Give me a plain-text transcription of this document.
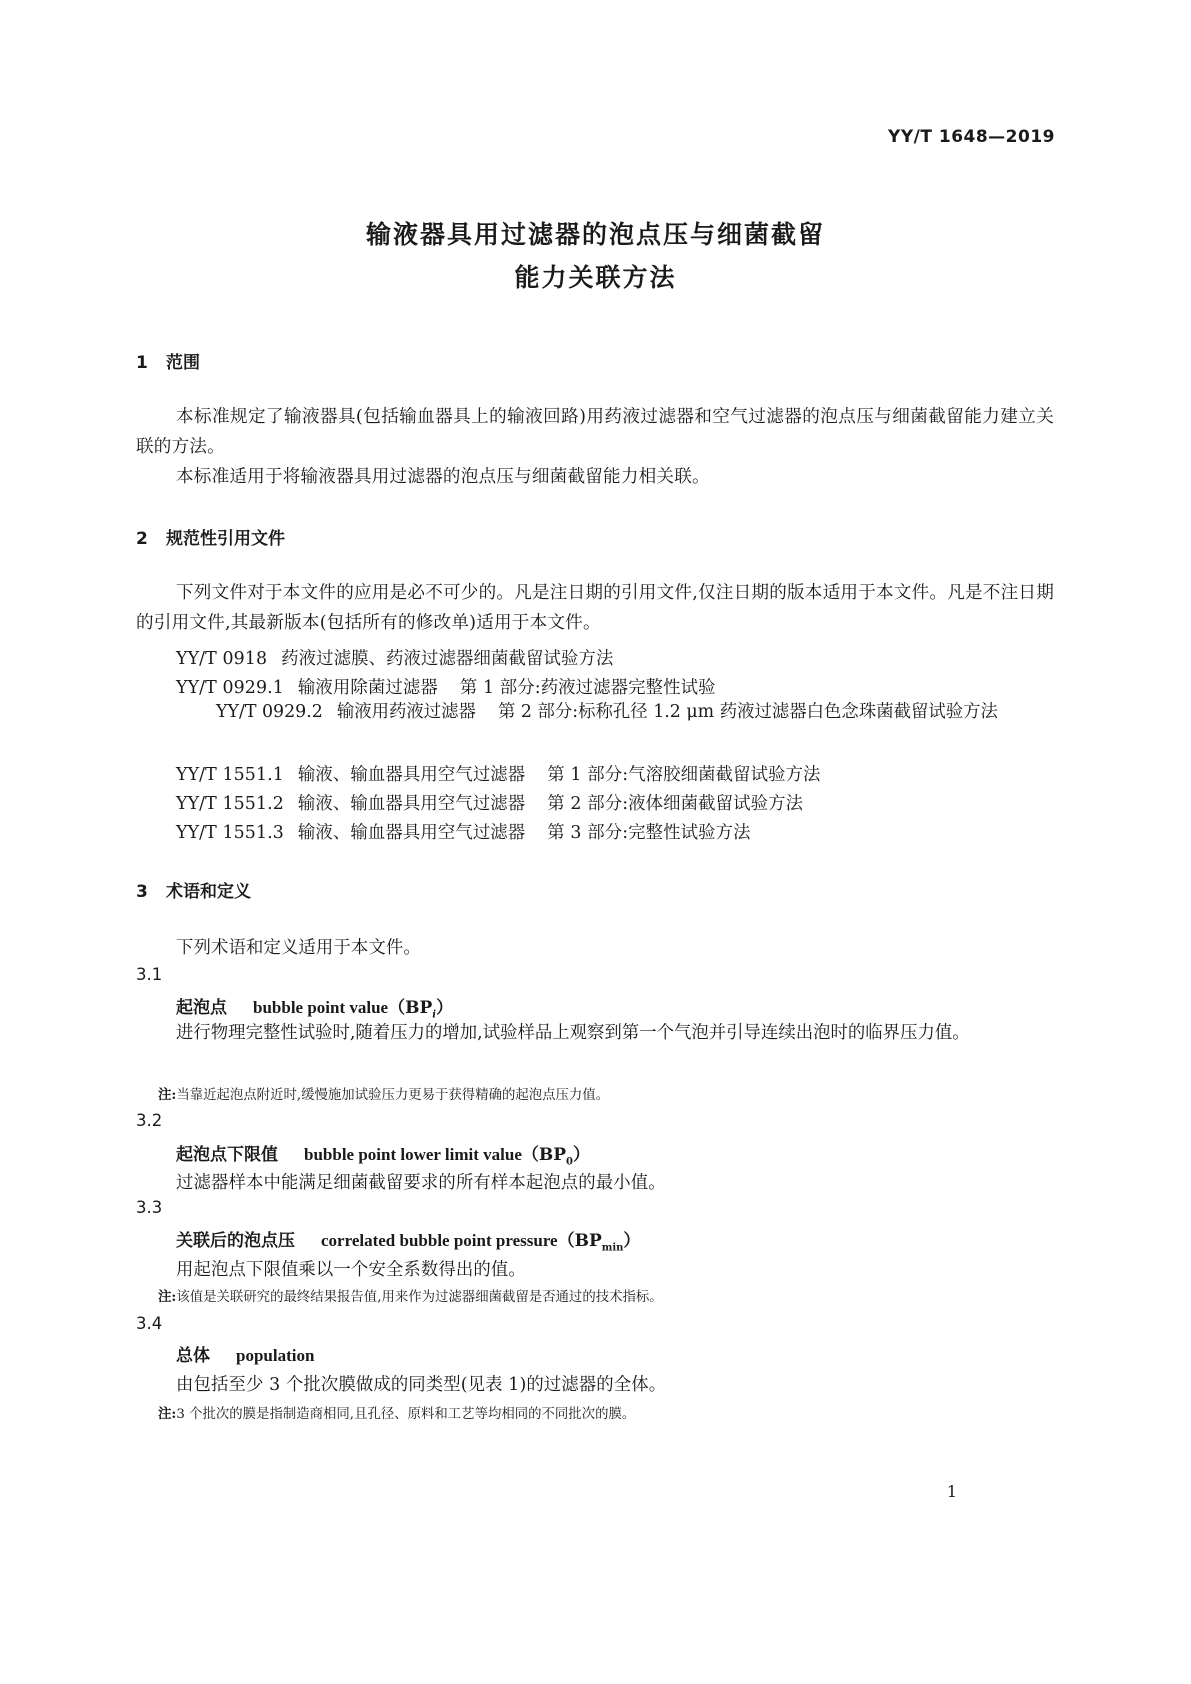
YY/T 1648—2019
输液器具用过滤器的泡点压与细菌截留
能力关联方法
1 范围
本标准规定了输液器具(包括输血器具上的输液回路)用药液过滤器和空气过滤器的泡点压与细菌截留能力建立关联的方法。
本标准适用于将输液器具用过滤器的泡点压与细菌截留能力相关联。
2 规范性引用文件
下列文件对于本文件的应用是必不可少的。凡是注日期的引用文件,仅注日期的版本适用于本文件。凡是不注日期的引用文件,其最新版本(包括所有的修改单)适用于本文件。
YY/T 0918 药液过滤膜、药液过滤器细菌截留试验方法
YY/T 0929.1 输液用除菌过滤器 第 1 部分:药液过滤器完整性试验
YY/T 0929.2 输液用药液过滤器 第 2 部分:标称孔径 1.2 μm 药液过滤器白色念珠菌截留试验方法
YY/T 1551.1 输液、输血器具用空气过滤器 第 1 部分:气溶胶细菌截留试验方法
YY/T 1551.2 输液、输血器具用空气过滤器 第 2 部分:液体细菌截留试验方法
YY/T 1551.3 输液、输血器具用空气过滤器 第 3 部分:完整性试验方法
3 术语和定义
下列术语和定义适用于本文件。
3.1
起泡点 bubble point $value(BP_i)$
进行物理完整性试验时,随着压力的增加,试验样品上观察到第一个气泡并引导连续出泡时的临界压力值。
注:当靠近起泡点附近时,缓慢施加试验压力更易于获得精确的起泡点压力值。
3.2
起泡点下限值 bubble point lower limit $value(BP_0)$
过滤器样本中能满足细菌截留要求的所有样本起泡点的最小值。
3.3
关联后的泡点压 correlated bubble point $pressure(BP_{min})$
用起泡点下限值乘以一个安全系数得出的值。
注:该值是关联研究的最终结果报告值,用来作为过滤器细菌截留是否通过的技术指标。
3.4
总体 population
由包括至少 3 个批次膜做成的同类型(见表 1)的过滤器的全体。
注:3 个批次的膜是指制造商相同,且孔径、原料和工艺等均相同的不同批次的膜。
1
